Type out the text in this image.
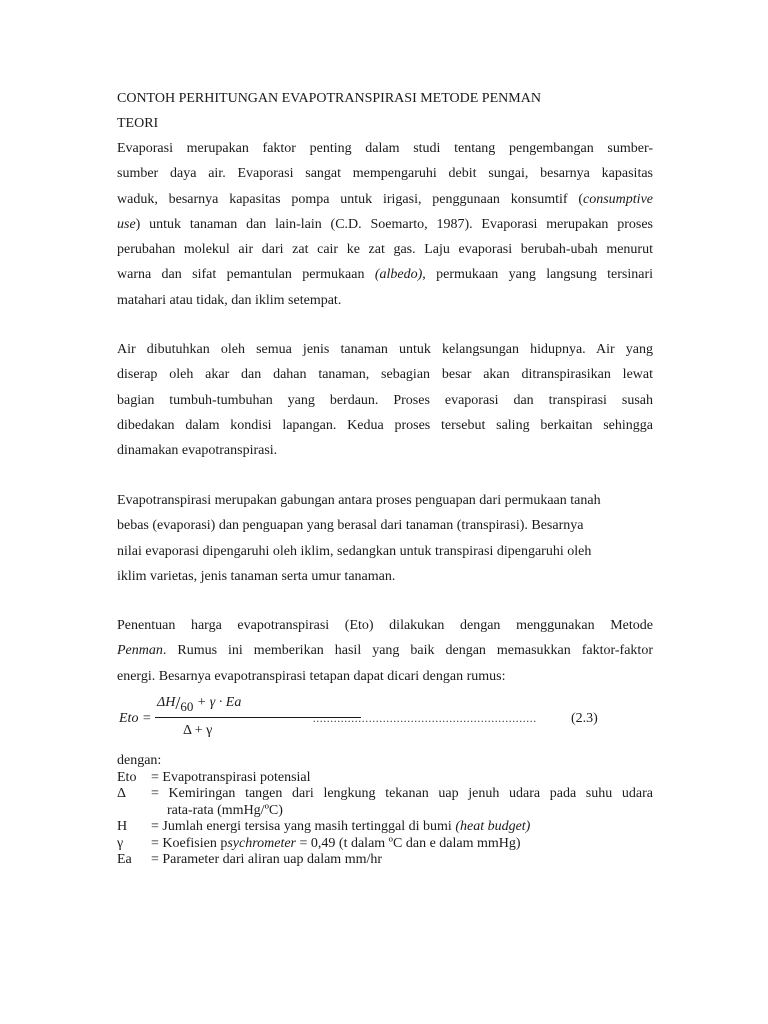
CONTOH PERHITUNGAN EVAPOTRANSPIRASI METODE PENMAN
TEORI
Evaporasi merupakan faktor penting dalam studi tentang pengembangan sumber-
sumber daya air. Evaporasi sangat mempengaruhi debit sungai, besarnya kapasitas
waduk, besarnya kapasitas pompa untuk irigasi, penggunaan konsumtif (consumptive
use) untuk tanaman dan lain-lain (C.D. Soemarto, 1987). Evaporasi merupakan proses
perubahan molekul air dari zat cair ke zat gas. Laju evaporasi berubah-ubah menurut
warna dan sifat pemantulan permukaan (albedo), permukaan yang langsung tersinari
matahari atau tidak, dan iklim setempat.
Air dibutuhkan oleh semua jenis tanaman untuk kelangsungan hidupnya. Air yang
diserap oleh akar dan dahan tanaman, sebagian besar akan ditranspirasikan lewat
bagian tumbuh-tumbuhan yang berdaun. Proses evaporasi dan transpirasi susah
dibedakan dalam kondisi lapangan. Kedua proses tersebut saling berkaitan sehingga
dinamakan evapotranspirasi.
Evapotranspirasi merupakan gabungan antara proses penguapan dari permukaan tanah
bebas (evaporasi) dan penguapan yang berasal dari tanaman (transpirasi). Besarnya
nilai evaporasi dipengaruhi oleh iklim, sedangkan untuk transpirasi dipengaruhi oleh
iklim varietas, jenis tanaman serta umur tanaman.
Penentuan harga evapotranspirasi (Eto) dilakukan dengan menggunakan Metode
Penman. Rumus ini memberikan hasil yang baik dengan memasukkan faktor-faktor
energi. Besarnya evapotranspirasi tetapan dapat dicari dengan rumus:
Eto =
ΔH/60 + γ · Ea
Δ + γ
................................................................ (2.3)
dengan:
Eto	= Evapotranspirasi potensial
Δ	= Kemiringan tangen dari lengkung tekanan uap jenuh udara pada suhu udara
rata-rata (mmHg/ºC)
H	= Jumlah energi tersisa yang masih tertinggal di bumi (heat budget)
γ	= Koefisien psychrometer = 0,49 (t dalam ºC dan e dalam mmHg)
Ea	= Parameter dari aliran uap dalam mm/hr
